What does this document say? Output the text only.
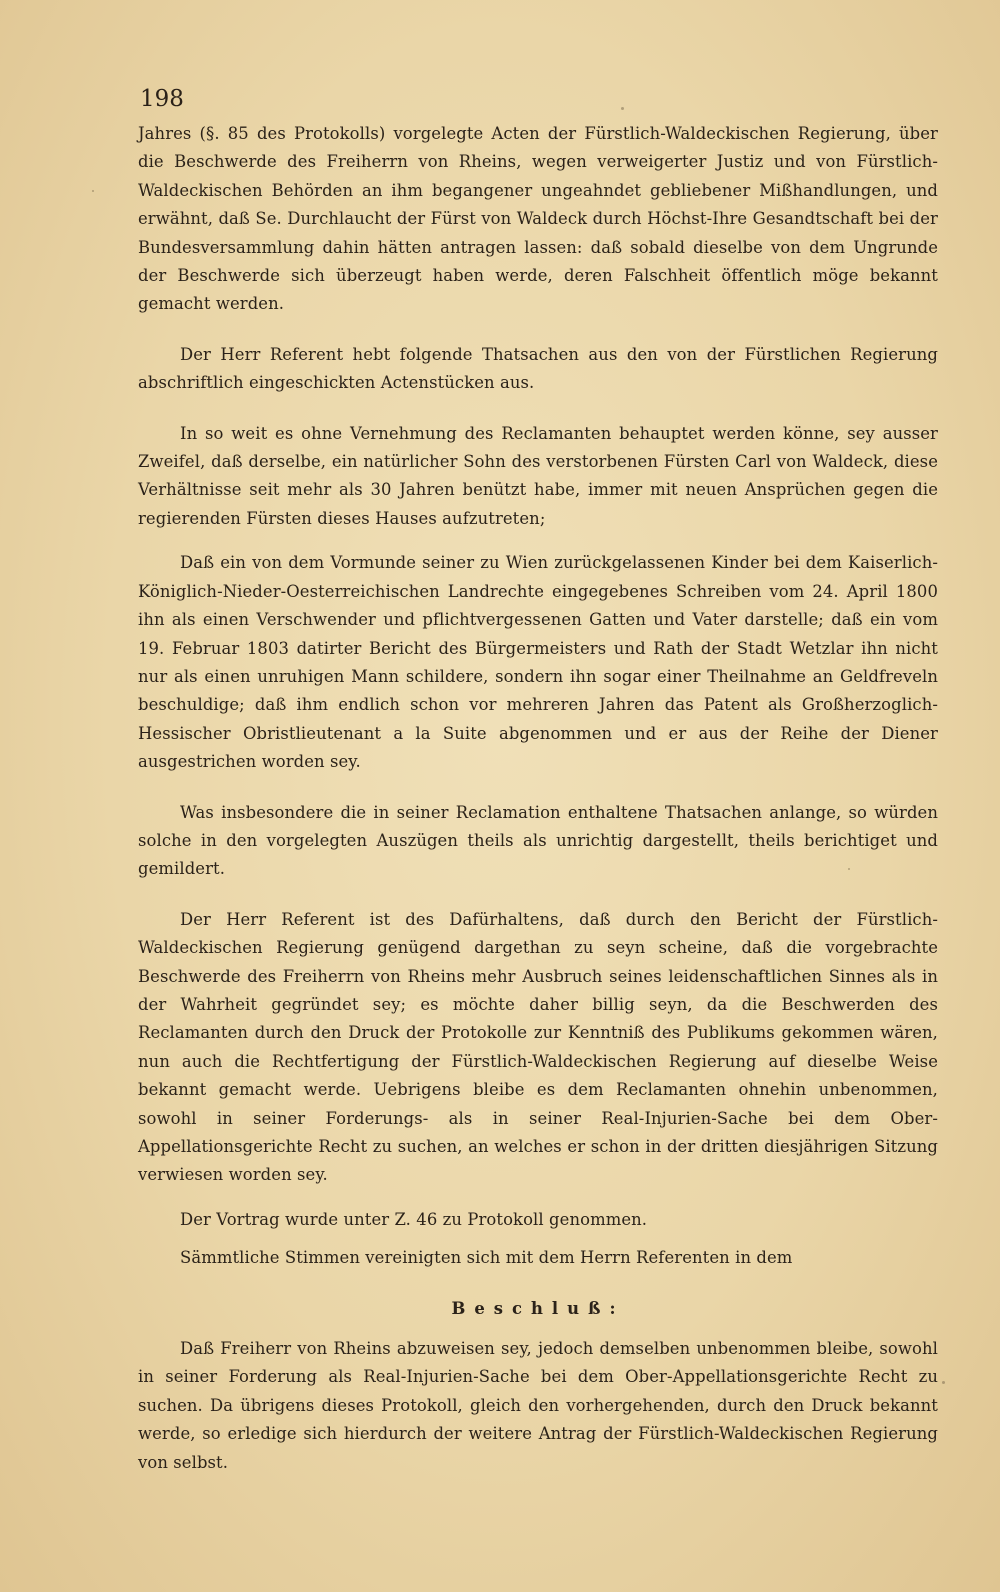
198

Jahres (§. 85 des Protokolls) vorgelegte Acten der Fürstlich-Waldeckischen Regierung, über die Beschwerde des Freiherrn von Rheins, wegen verweigerter Justiz und von Fürstlich-Waldeckischen Behörden an ihm begangener ungeahndet gebliebener Mißhandlungen, und erwähnt, daß Se. Durchlaucht der Fürst von Waldeck durch Höchst-Ihre Gesandtschaft bei der Bundesversammlung dahin hätten antragen lassen: daß sobald dieselbe von dem Ungrunde der Beschwerde sich überzeugt haben werde, deren Falschheit öffentlich möge bekannt gemacht werden.

Der Herr Referent hebt folgende Thatsachen aus den von der Fürstlichen Regierung abschriftlich eingeschickten Actenstücken aus.

In so weit es ohne Vernehmung des Reclamanten behauptet werden könne, sey ausser Zweifel, daß derselbe, ein natürlicher Sohn des verstorbenen Fürsten Carl von Waldeck, diese Verhältnisse seit mehr als 30 Jahren benützt habe, immer mit neuen Ansprüchen gegen die regierenden Fürsten dieses Hauses aufzutreten;

Daß ein von dem Vormunde seiner zu Wien zurückgelassenen Kinder bei dem Kaiserlich-Königlich-Nieder-Oesterreichischen Landrechte eingegebenes Schreiben vom 24. April 1800 ihn als einen Verschwender und pflichtvergessenen Gatten und Vater darstelle; daß ein vom 19. Februar 1803 datirter Bericht des Bürgermeisters und Rath der Stadt Wetzlar ihn nicht nur als einen unruhigen Mann schildere, sondern ihn sogar einer Theilnahme an Geldfreveln beschuldige; daß ihm endlich schon vor mehreren Jahren das Patent als Großherzoglich-Hessischer Obristlieutenant a la Suite abgenommen und er aus der Reihe der Diener ausgestrichen worden sey.

Was insbesondere die in seiner Reclamation enthaltene Thatsachen anlange, so würden solche in den vorgelegten Auszügen theils als unrichtig dargestellt, theils berichtiget und gemildert.

Der Herr Referent ist des Dafürhaltens, daß durch den Bericht der Fürstlich-Waldeckischen Regierung genügend dargethan zu seyn scheine, daß die vorgebrachte Beschwerde des Freiherrn von Rheins mehr Ausbruch seines leidenschaftlichen Sinnes als in der Wahrheit gegründet sey; es möchte daher billig seyn, da die Beschwerden des Reclamanten durch den Druck der Protokolle zur Kenntniß des Publikums gekommen wären, nun auch die Rechtfertigung der Fürstlich-Waldeckischen Regierung auf dieselbe Weise bekannt gemacht werde. Uebrigens bleibe es dem Reclamanten ohnehin unbenommen, sowohl in seiner Forderungs- als in seiner Real-Injurien-Sache bei dem Ober-Appellationsgerichte Recht zu suchen, an welches er schon in der dritten diesjährigen Sitzung verwiesen worden sey.

Der Vortrag wurde unter Z. 46 zu Protokoll genommen.

Sämmtliche Stimmen vereinigten sich mit dem Herrn Referenten in dem

Beschluß:

Daß Freiherr von Rheins abzuweisen sey, jedoch demselben unbenommen bleibe, sowohl in seiner Forderung als Real-Injurien-Sache bei dem Ober-Appellationsgerichte Recht zu suchen. Da übrigens dieses Protokoll, gleich den vorhergehenden, durch den Druck bekannt werde, so erledige sich hierdurch der weitere Antrag der Fürstlich-Waldeckischen Regierung von selbst.
